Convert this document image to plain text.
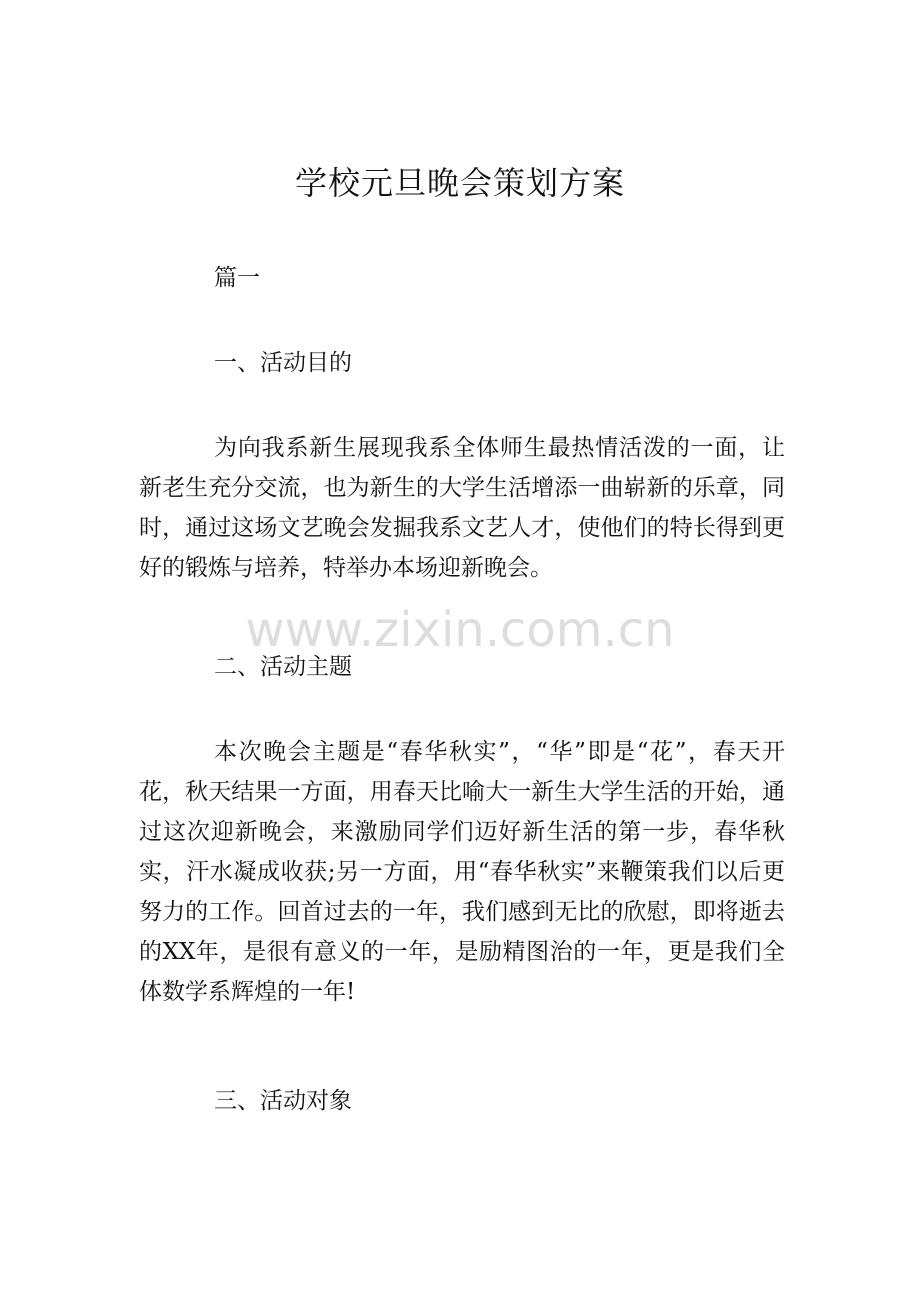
学校元旦晚会策划方案
篇一
一、活动目的
为向我系新生展现我系全体师生最热情活泼的一面，让新老生充分交流，也为新生的大学生活增添一曲崭新的乐章，同时，通过这场文艺晚会发掘我系文艺人才，使他们的特长得到更好的锻炼与培养，特举办本场迎新晚会。
www.zixin.com.cn
二、活动主题
本次晚会主题是“春华秋实”，“华”即是“花”，春天开花，秋天结果一方面，用春天比喻大一新生大学生活的开始，通过这次迎新晚会，来激励同学们迈好新生活的第一步，春华秋实，汗水凝成收获;另一方面，用“春华秋实”来鞭策我们以后更努力的工作。回首过去的一年，我们感到无比的欣慰，即将逝去的XX年，是很有意义的一年，是励精图治的一年，更是我们全体数学系辉煌的一年!
三、活动对象
